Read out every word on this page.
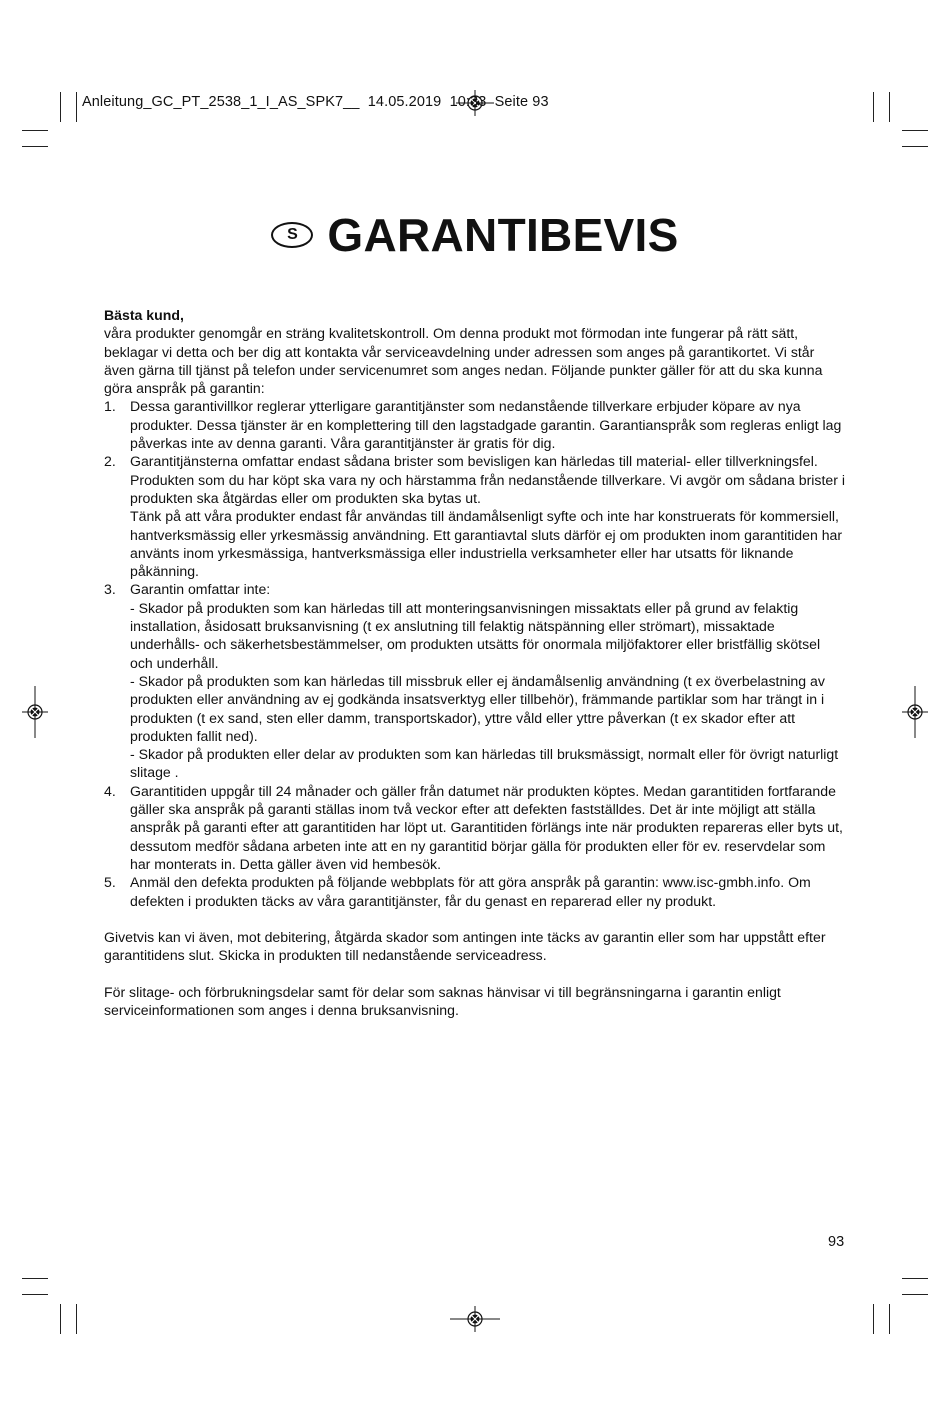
Anleitung_GC_PT_2538_1_I_AS_SPK7__  14.05.2019  10:33  Seite 93
S GARANTIBEVIS

Bästa kund,

våra produkter genomgår en sträng kvalitetskontroll. Om denna produkt mot förmodan inte fungerar på rätt sätt, beklagar vi detta och ber dig att kontakta vår serviceavdelning under adressen som anges på garantikortet. Vi står även gärna till tjänst på telefon under servicenumret som anges nedan. Följande punkter gäller för att du ska kunna göra anspråk på garantin:

1. Dessa garantivillkor reglerar ytterligare garantitjänster som nedanstående tillverkare erbjuder köpare av nya produkter. Dessa tjänster är en komplettering till den lagstadgade garantin. Garantianspråk som regleras enligt lag påverkas inte av denna garanti. Våra garantitjänster är gratis för dig.

2. Garantitjänsterna omfattar endast sådana brister som bevisligen kan härledas till material- eller tillverkningsfel. Produkten som du har köpt ska vara ny och härstamma från nedanstående tillverkare. Vi avgör om sådana brister i produkten ska åtgärdas eller om produkten ska bytas ut.

Tänk på att våra produkter endast får användas till ändamålsenligt syfte och inte har konstruerats för kommersiell, hantverksmässig eller yrkesmässig användning. Ett garantiavtal sluts därför ej om produkten inom garantitiden har använts inom yrkesmässiga, hantverksmässiga eller industriella verksamheter eller har utsatts för liknande påkänning.

3. Garantin omfattar inte:

- Skador på produkten som kan härledas till att monteringsanvisningen missaktats eller på grund av felaktig installation, åsidosatt bruksanvisning (t ex anslutning till felaktig nätspänning eller strömart), missaktade underhålls- och säkerhetsbestämmelser, om produkten utsätts för onormala miljöfaktorer eller bristfällig skötsel och underhåll.

- Skador på produkten som kan härledas till missbruk eller ej ändamålsenlig användning (t ex överbelastning av produkten eller användning av ej godkända insatsverktyg eller tillbehör), främmande partiklar som har trängt in i produkten (t ex sand, sten eller damm, transportskador), yttre våld eller yttre påverkan (t ex skador efter att produkten fallit ned).

- Skador på produkten eller delar av produkten som kan härledas till bruksmässigt, normalt eller för övrigt naturligt slitage .

4. Garantitiden uppgår till 24 månader och gäller från datumet när produkten köptes. Medan garantitiden fortfarande gäller ska anspråk på garanti ställas inom två veckor efter att defekten fastställdes. Det är inte möjligt att ställa anspråk på garanti efter att garantitiden har löpt ut. Garantitiden förlängs inte när produkten repareras eller byts ut, dessutom medför sådana arbeten inte att en ny garantitid börjar gälla för produkten eller för ev. reservdelar som har monterats in. Detta gäller även vid hembesök.

5. Anmäl den defekta produkten på följande webbplats för att göra anspråk på garantin: www.isc-gmbh.info. Om defekten i produkten täcks av våra garantitjänster, får du genast en reparerad eller ny produkt.

Givetvis kan vi även, mot debitering, åtgärda skador som antingen inte täcks av garantin eller som har uppstått efter garantitidens slut. Skicka in produkten till nedanstående serviceadress.

För slitage- och förbrukningsdelar samt för delar som saknas hänvisar vi till begränsningarna i garantin enligt serviceinformationen som anges i denna bruksanvisning.

93
